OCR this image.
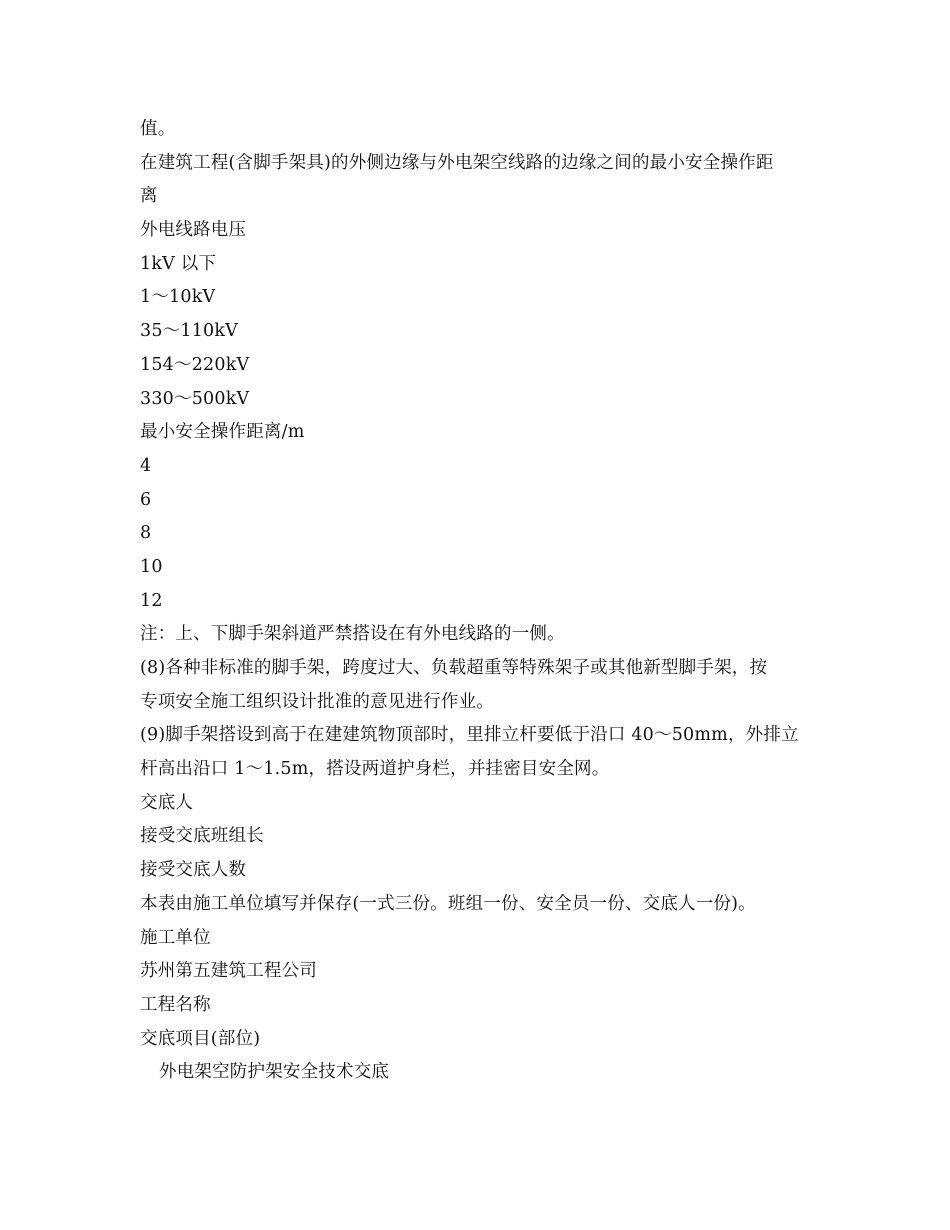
值。
在建筑工程(含脚手架具)的外侧边缘与外电架空线路的边缘之间的最小安全操作距
离
外电线路电压
1kV 以下
1～10kV
35～110kV
154～220kV
330～500kV
最小安全操作距离/m
4
6
8
10
12
注：上、下脚手架斜道严禁搭设在有外电线路的一侧。
(8)各种非标准的脚手架，跨度过大、负载超重等特殊架子或其他新型脚手架，按
专项安全施工组织设计批准的意见进行作业。
(9)脚手架搭设到高于在建建筑物顶部时，里排立杆要低于沿口 40～50mm，外排立
杆高出沿口 1～1.5m，搭设两道护身栏，并挂密目安全网。
交底人
接受交底班组长
接受交底人数
本表由施工单位填写并保存(一式三份。班组一份、安全员一份、交底人一份)。
施工单位
苏州第五建筑工程公司
工程名称
交底项目(部位)
外电架空防护架安全技术交底
